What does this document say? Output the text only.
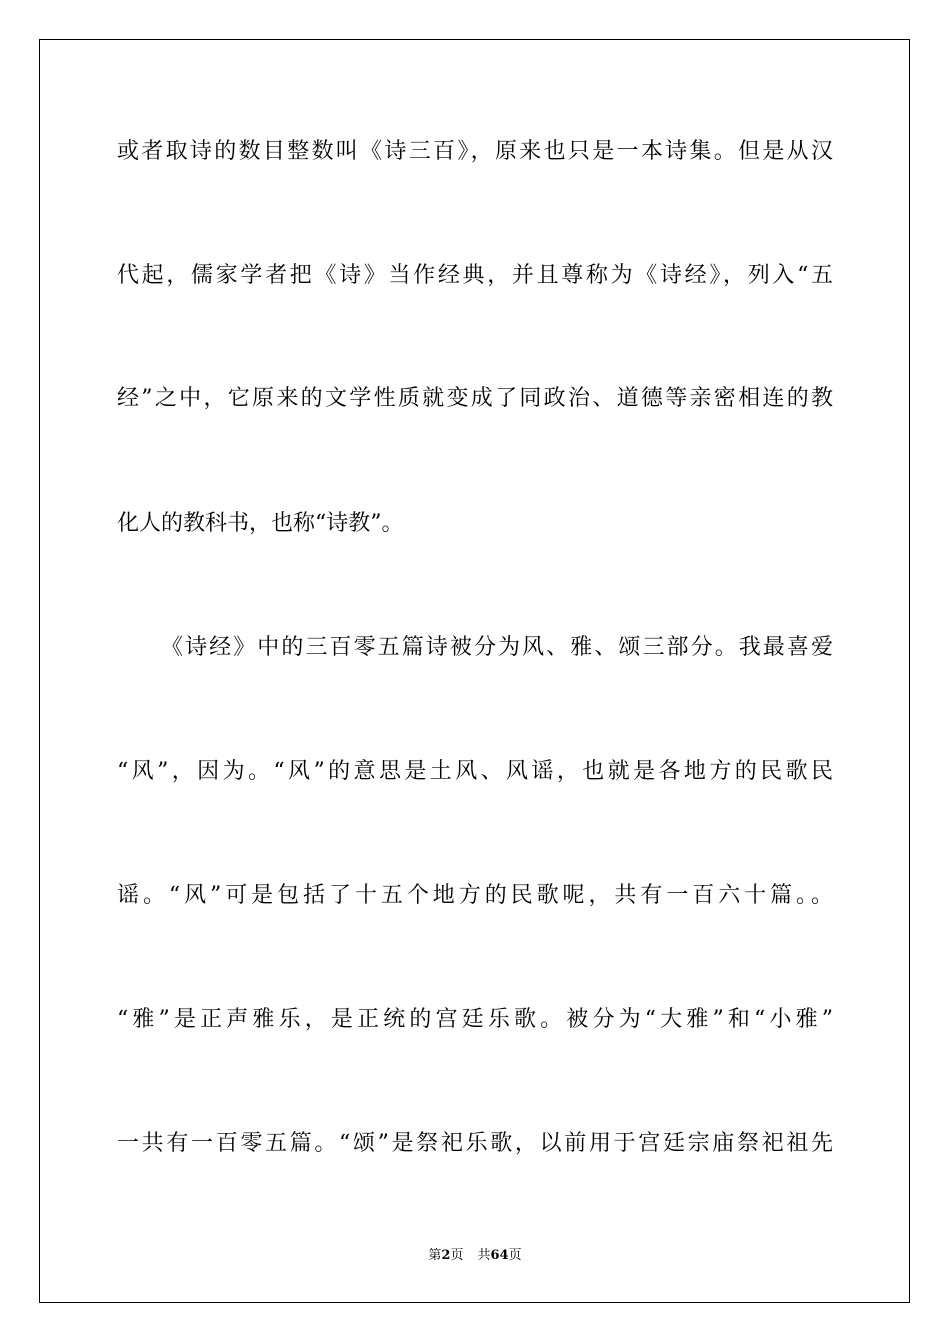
或者取诗的数目整数叫《诗三百》，原来也只是一本诗集。但是从汉
代起，儒家学者把《诗》当作经典，并且尊称为《诗经》，列入“五
经”之中，它原来的文学性质就变成了同政治、道德等亲密相连的教
化人的教科书，也称“诗教”。
《诗经》中的三百零五篇诗被分为风、雅、颂三部分。我最喜爱
“风”，因为。“风”的意思是土风、风谣，也就是各地方的民歌民
谣。“风”可是包括了十五个地方的民歌呢，共有一百六十篇。。
“雅”是正声雅乐，是正统的宫廷乐歌。被分为“大雅”和“小雅”
一共有一百零五篇。“颂”是祭祀乐歌，以前用于宫廷宗庙祭祀祖先
第2页 共64页
